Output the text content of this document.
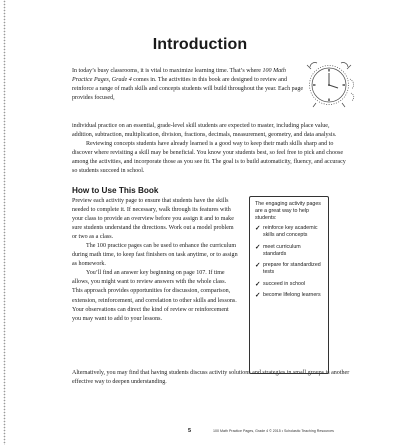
Introduction
In today’s busy classrooms, it is vital to maximize learning time. That’s where 100 Math Practice Pages, Grade 4 comes in. The activities in this book are designed to review and reinforce a range of math skills and concepts students will build throughout the year. Each page provides focused,

individual practice on an essential, grade-level skill students are expected to master, including place value, addition, subtraction, multiplication, division, fractions, decimals, measurement, geometry, and data analysis.

Reviewing concepts students have already learned is a good way to keep their math skills sharp and to discover where revisiting a skill may be beneficial. You know your students best, so feel free to pick and choose among the activities, and incorporate those as you see fit. The goal is to build automaticity, fluency, and accuracy so students succeed in school.

How to Use This Book

Preview each activity page to ensure that students have the skills needed to complete it. If necessary, walk through its features with your class to provide an overview before you assign it and to make sure students understand the directions. Work out a model problem or two as a class.

The 100 practice pages can be used to enhance the curriculum during math time, to keep fast finishers on task anytime, or to assign as homework.

You’ll find an answer key beginning on page 107. If time allows, you might want to review answers with the whole class. This approach provides opportunities for discussion, comparison, extension, reinforcement, and correlation to other skills and lessons. Your observations can direct the kind of review or reinforcement you may want to add to your lessons.

Alternatively, you may find that having students discuss activity solutions and strategies in small groups is another effective way to deepen understanding.

The engaging activity pages are a great way to help students:

✓ reinforce key academic skills and concepts
✓ meet curriculum standards
✓ prepare for standardized tests
✓ succeed in school
✓ become lifelong learners
5	100 Math Practice Pages, Grade 4 © 2015 • Scholastic Teaching Resources
